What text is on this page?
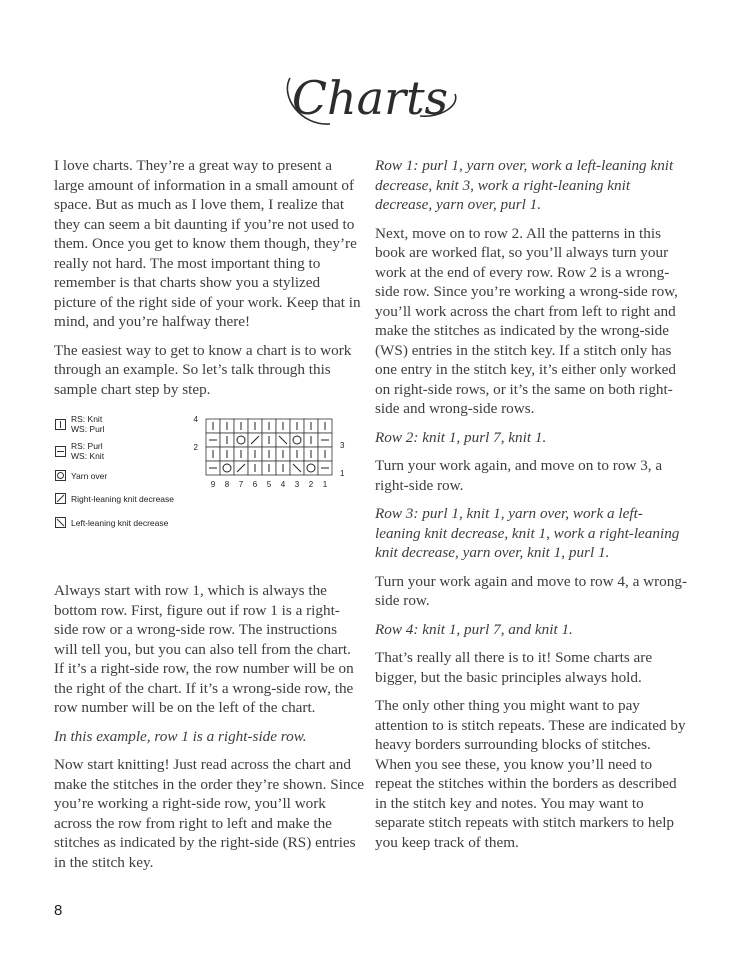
Charts

I love charts. They’re a great way to present a large amount of information in a small amount of space. But as much as I love them, I realize that they can seem a bit daunting if you’re not used to them. Once you get to know them though, they’re really not hard. The most important thing to remember is that charts show you a stylized picture of the right side of your work. Keep that in mind, and you’re halfway there!

The easiest way to get to know a chart is to work through an example. So let’s talk through this sample chart step by step.

RS: Knit
WS: Purl
RS: Purl
WS: Knit
Yarn over
Right-leaning knit decrease
Left-leaning knit decrease
4
3
2
1
9 8 7 6 5 4 3 2 1

Always start with row 1, which is always the bottom row. First, figure out if row 1 is a right-side row or a wrong-side row. The instructions will tell you, but you can also tell from the chart. If it’s a right-side row, the row number will be on the right of the chart. If it’s a wrong-side row, the row number will be on the left of the chart.

In this example, row 1 is a right-side row.

Now start knitting! Just read across the chart and make the stitches in the order they’re shown. Since you’re working a right-side row, you’ll work across the row from right to left and make the stitches as indicated by the right-side (RS) entries in the stitch key.

Row 1: purl 1, yarn over, work a left-leaning knit decrease, knit 3, work a right-leaning knit decrease, yarn over, purl 1.

Next, move on to row 2. All the patterns in this book are worked flat, so you’ll always turn your work at the end of every row. Row 2 is a wrong-side row. Since you’re working a wrong-side row, you’ll work across the chart from left to right and make the stitches as indicated by the wrong-side (WS) entries in the stitch key. If a stitch only has one entry in the stitch key, it’s either only worked on right-side rows, or it’s the same on both right-side and wrong-side rows.

Row 2: knit 1, purl 7, knit 1.

Turn your work again, and move on to row 3, a right-side row.

Row 3: purl 1, knit 1, yarn over, work a left-leaning knit decrease, knit 1, work a right-leaning knit decrease, yarn over, knit 1, purl 1.

Turn your work again and move to row 4, a wrong-side row.

Row 4: knit 1, purl 7, and knit 1.

That’s really all there is to it! Some charts are bigger, but the basic principles always hold.

The only other thing you might want to pay attention to is stitch repeats. These are indicated by heavy borders surrounding blocks of stitches. When you see these, you know you’ll need to repeat the stitches within the borders as described in the stitch key and notes. You may want to separate stitch repeats with stitch markers to help you keep track of them.

8
